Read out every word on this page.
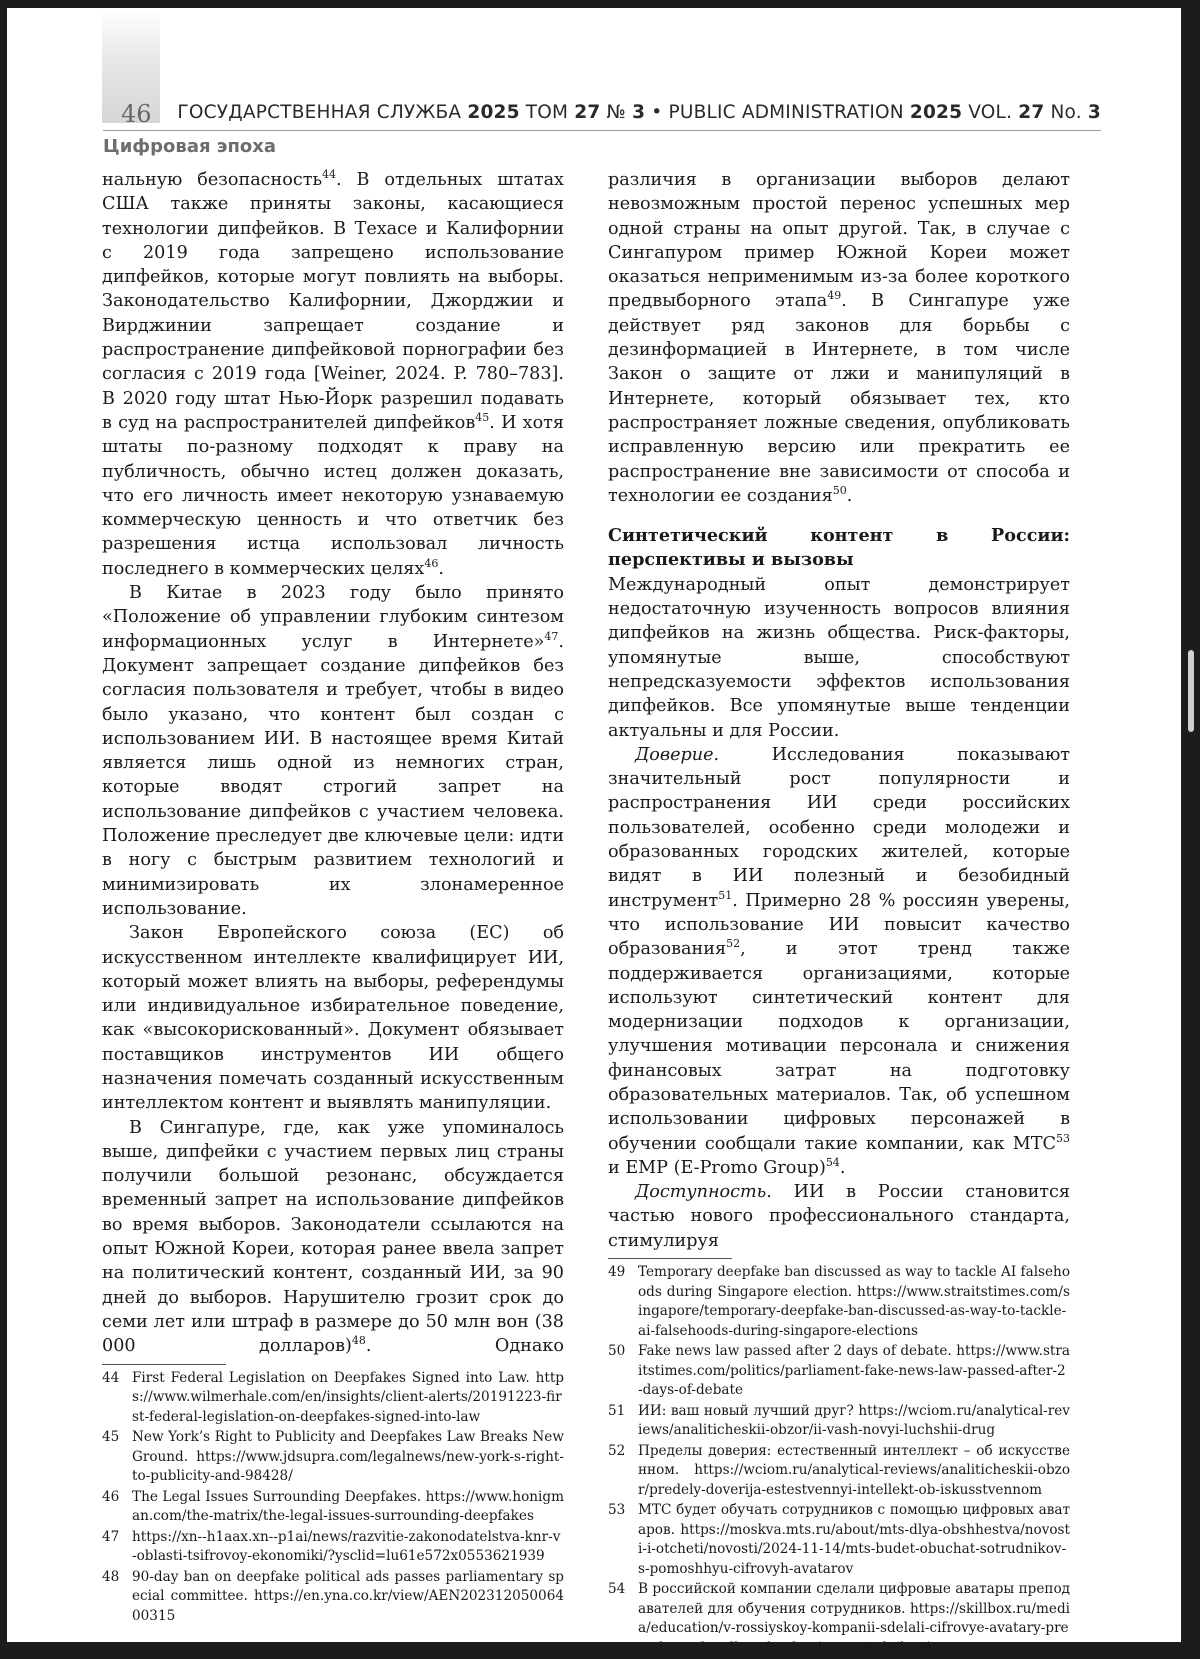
46 ГОСУДАРСТВЕННАЯ СЛУЖБА 2025 ТОМ 27 № 3 • PUBLIC ADMINISTRATION 2025 VOL. 27 No. 3
Цифровая эпоха

нальную безопасность$^{44}$. В отдельных штатах США также приняты законы, касающиеся технологии дипфейков. В Техасе и Калифорнии с 2019 года запрещено использование дипфейков, которые могут повлиять на выборы. Законодательство Калифорнии, Джорджии и Вирджинии запрещает создание и распространение дипфейковой порнографии без согласия с 2019 года [Weiner, 2024. P. 780–783]. В 2020 году штат Нью-Йорк разрешил подавать в суд на распространителей дипфейков$^{45}$. И хотя штаты по-разному подходят к праву на публичность, обычно истец должен доказать, что его личность имеет некоторую узнаваемую коммерческую ценность и что ответчик без разрешения истца использовал личность последнего в коммерческих целях$^{46}$.

В Китае в 2023 году было принято «Положение об управлении глубоким синтезом информационных услуг в Интернете»$^{47}$. Документ запрещает создание дипфейков без согласия пользователя и требует, чтобы в видео было указано, что контент был создан с использованием ИИ. В настоящее время Китай является лишь одной из немногих стран, которые вводят строгий запрет на использование дипфейков с участием человека. Положение преследует две ключевые цели: идти в ногу с быстрым развитием технологий и минимизировать их злонамеренное использование.

Закон Европейского союза (ЕС) об искусственном интеллекте квалифицирует ИИ, который может влиять на выборы, референдумы или индивидуальное избирательное поведение, как «высокорискованный». Документ обязывает поставщиков инструментов ИИ общего назначения помечать созданный искусственным интеллектом контент и выявлять манипуляции.

В Сингапуре, где, как уже упоминалось выше, дипфейки с участием первых лиц страны получили большой резонанс, обсуждается временный запрет на использование дипфейков во время выборов. Законодатели ссылаются на опыт Южной Кореи, которая ранее ввела запрет на политический контент, созданный ИИ, за 90 дней до выборов. Нарушителю грозит срок до семи лет или штраф в размере до 50 млн вон (38 000 долларов)$^{48}$. Однако

44 First Federal Legislation on Deepfakes Signed into Law. https://www.wilmerhale.com/en/insights/client-alerts/20191223-first-federal-legislation-on-deepfakes-signed-into-law
45 New York’s Right to Publicity and Deepfakes Law Breaks New Ground. https://www.jdsupra.com/legalnews/new-york-s-right-to-publicity-and-98428/
46 The Legal Issues Surrounding Deepfakes. https://www.honigman.com/the-matrix/the-legal-issues-surrounding-deepfakes
47 https://xn--h1aax.xn--p1ai/news/razvitie-zakonodatelstva-knr-v-oblasti-tsifrovoy-ekonomiki/?ysclid=lu61e572x0553621939
48 90-day ban on deepfake political ads passes parliamentary special committee. https://en.yna.co.kr/view/AEN20231205006400315

различия в организации выборов делают невозможным простой перенос успешных мер одной страны на опыт другой. Так, в случае с Сингапуром пример Южной Кореи может оказаться неприменимым из-за более короткого предвыборного этапа$^{49}$. В Сингапуре уже действует ряд законов для борьбы с дезинформацией в Интернете, в том числе Закон о защите от лжи и манипуляций в Интернете, который обязывает тех, кто распространяет ложные сведения, опубликовать исправленную версию или прекратить ее распространение вне зависимости от способа и технологии ее создания$^{50}$.

Синтетический контент в России: перспективы и вызовы

Международный опыт демонстрирует недостаточную изученность вопросов влияния дипфейков на жизнь общества. Риск-факторы, упомянутые выше, способствуют непредсказуемости эффектов использования дипфейков. Все упомянутые выше тенденции актуальны и для России.

Доверие. Исследования показывают значительный рост популярности и распространения ИИ среди российских пользователей, особенно среди молодежи и образованных городских жителей, которые видят в ИИ полезный и безобидный инструмент$^{51}$. Примерно 28 % россиян уверены, что использование ИИ повысит качество образования$^{52}$, и этот тренд также поддерживается организациями, которые используют синтетический контент для модернизации подходов к организации, улучшения мотивации персонала и снижения финансовых затрат на подготовку образовательных материалов. Так, об успешном использовании цифровых персонажей в обучении сообщали такие компании, как МТС$^{53}$ и EMP (E-Promo Group)$^{54}$.

Доступность. ИИ в России становится частью нового профессионального стандарта, стимулируя

49 Temporary deepfake ban discussed as way to tackle AI falsehoods during Singapore election. https://www.straitstimes.com/singapore/temporary-deepfake-ban-discussed-as-way-to-tackle-ai-falsehoods-during-singapore-elections
50 Fake news law passed after 2 days of debate. https://www.straitstimes.com/politics/parliament-fake-news-law-passed-after-2-days-of-debate
51 ИИ: ваш новый лучший друг? https://wciom.ru/analytical-reviews/analiticheskii-obzor/ii-vash-novyi-luchshii-drug
52 Пределы доверия: естественный интеллект – об искусственном. https://wciom.ru/analytical-reviews/analiticheskii-obzor/predely-doverija-estestvennyi-intellekt-ob-iskusstvennom
53 МТС будет обучать сотрудников с помощью цифровых аватаров. https://moskva.mts.ru/about/mts-dlya-obshhestva/novosti-i-otcheti/novosti/2024-11-14/mts-budet-obuchat-sotrudnikov-s-pomoshhyu-cifrovyh-avatarov
54 В российской компании сделали цифровые аватары преподавателей для обучения сотрудников. https://skillbox.ru/media/education/v-rossiyskoy-kompanii-sdelali-cifrovye-avatary-prepodavateley-dlya-obucheniya-sotrudnikov/
